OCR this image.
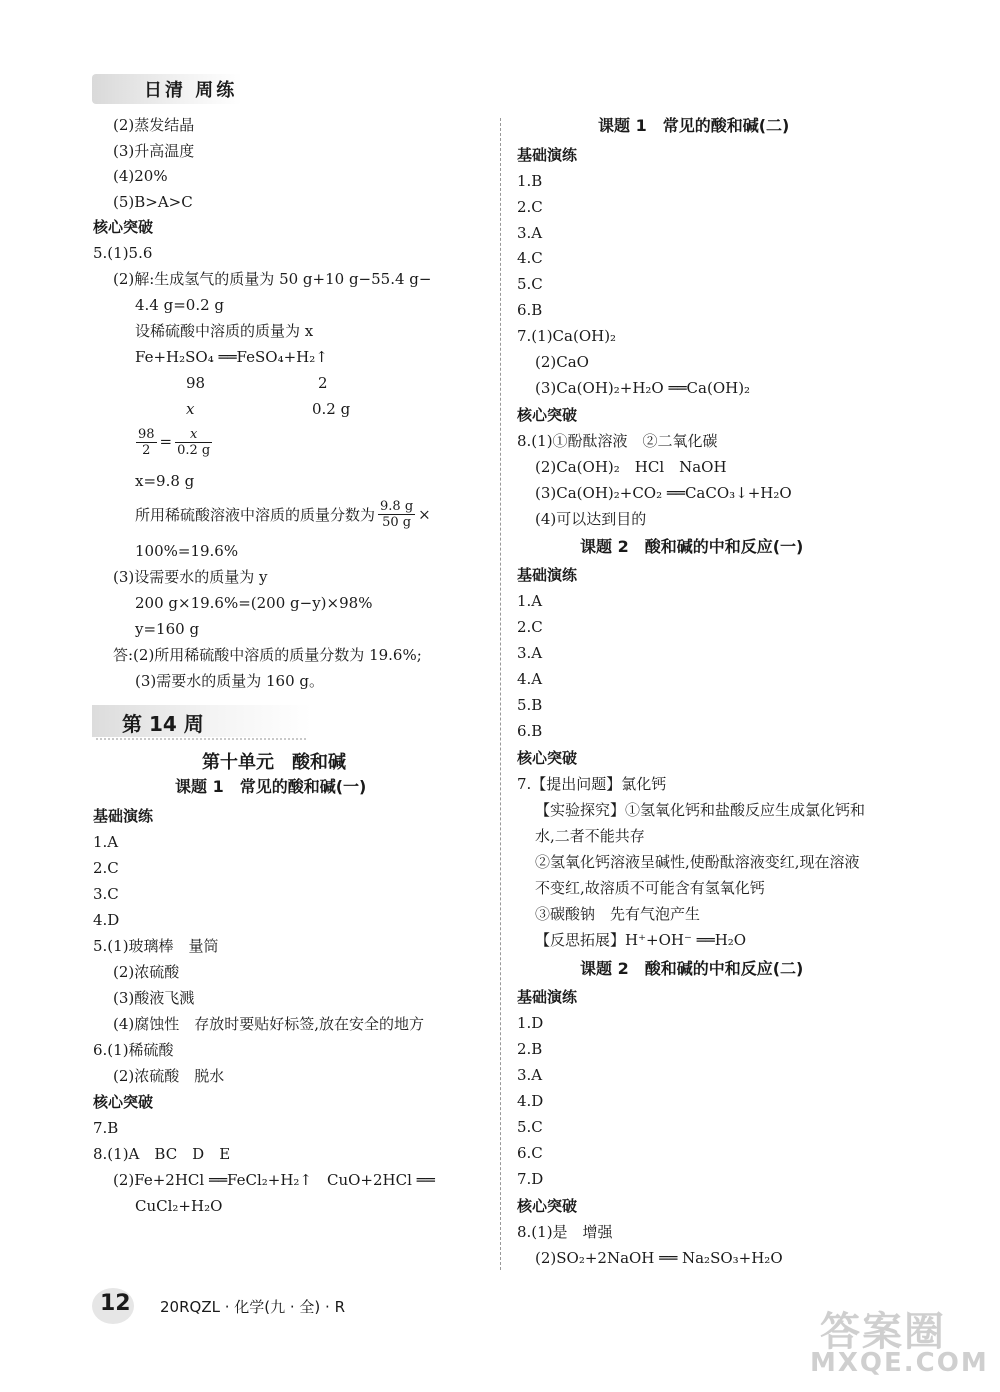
日清 周练
(2)蒸发结晶
(3)升高温度
(4)20%
(5)B>A>C
核心突破
5.(1)5.6
(2)解:生成氢气的质量为 50 g+10 g−55.4 g−
4.4 g=0.2 g
设稀硫酸中溶质的质量为 x
Fe+H₂SO₄ ══FeSO₄+H₂↑
98	2
x	0.2 g
$\frac{98}{2} = \frac{x}{0.2 g}$
x=9.8 g
所用稀硫酸溶液中溶质的质量分数为 $\frac{9.8 g}{50 g}$ ×
100%=19.6%
(3)设需要水的质量为 y
200 g×19.6%=(200 g−y)×98%
y=160 g
答:(2)所用稀硫酸中溶质的质量分数为 19.6%;
(3)需要水的质量为 160 g。
第 14 周
第十单元　酸和碱
课题 1　常见的酸和碱(一)
基础演练
1.A
2.C
3.C
4.D
5.(1)玻璃棒　量筒
(2)浓硫酸
(3)酸液飞溅
(4)腐蚀性　存放时要贴好标签,放在安全的地方
6.(1)稀硫酸
(2)浓硫酸　脱水
核心突破
7.B
8.(1)A　BC　D　E
(2)Fe+2HCl ══FeCl₂+H₂↑　CuO+2HCl ══
CuCl₂+H₂O
课题 1　常见的酸和碱(二)
基础演练
1.B
2.C
3.A
4.C
5.C
6.B
7.(1)Ca(OH)₂
(2)CaO
(3)Ca(OH)₂+H₂O ══Ca(OH)₂
核心突破
8.(1)①酚酞溶液　②二氧化碳
(2)Ca(OH)₂　HCl　NaOH
(3)Ca(OH)₂+CO₂ ══CaCO₃↓+H₂O
(4)可以达到目的
课题 2　酸和碱的中和反应(一)
基础演练
1.A
2.C
3.A
4.A
5.B
6.B
核心突破
7.【提出问题】氯化钙
【实验探究】①氢氧化钙和盐酸反应生成氯化钙和
水,二者不能共存
②氢氧化钙溶液呈碱性,使酚酞溶液变红,现在溶液
不变红,故溶质不可能含有氢氧化钙
③碳酸钠　先有气泡产生
【反思拓展】H⁺+OH⁻ ══H₂O
课题 2　酸和碱的中和反应(二)
基础演练
1.D
2.B
3.A
4.D
5.C
6.C
7.D
核心突破
8.(1)是　增强
(2)SO₂+2NaOH ══ Na₂SO₃+H₂O
12 20RQZL · 化学(九 · 全) · R
答案圈
MXQE.COM
